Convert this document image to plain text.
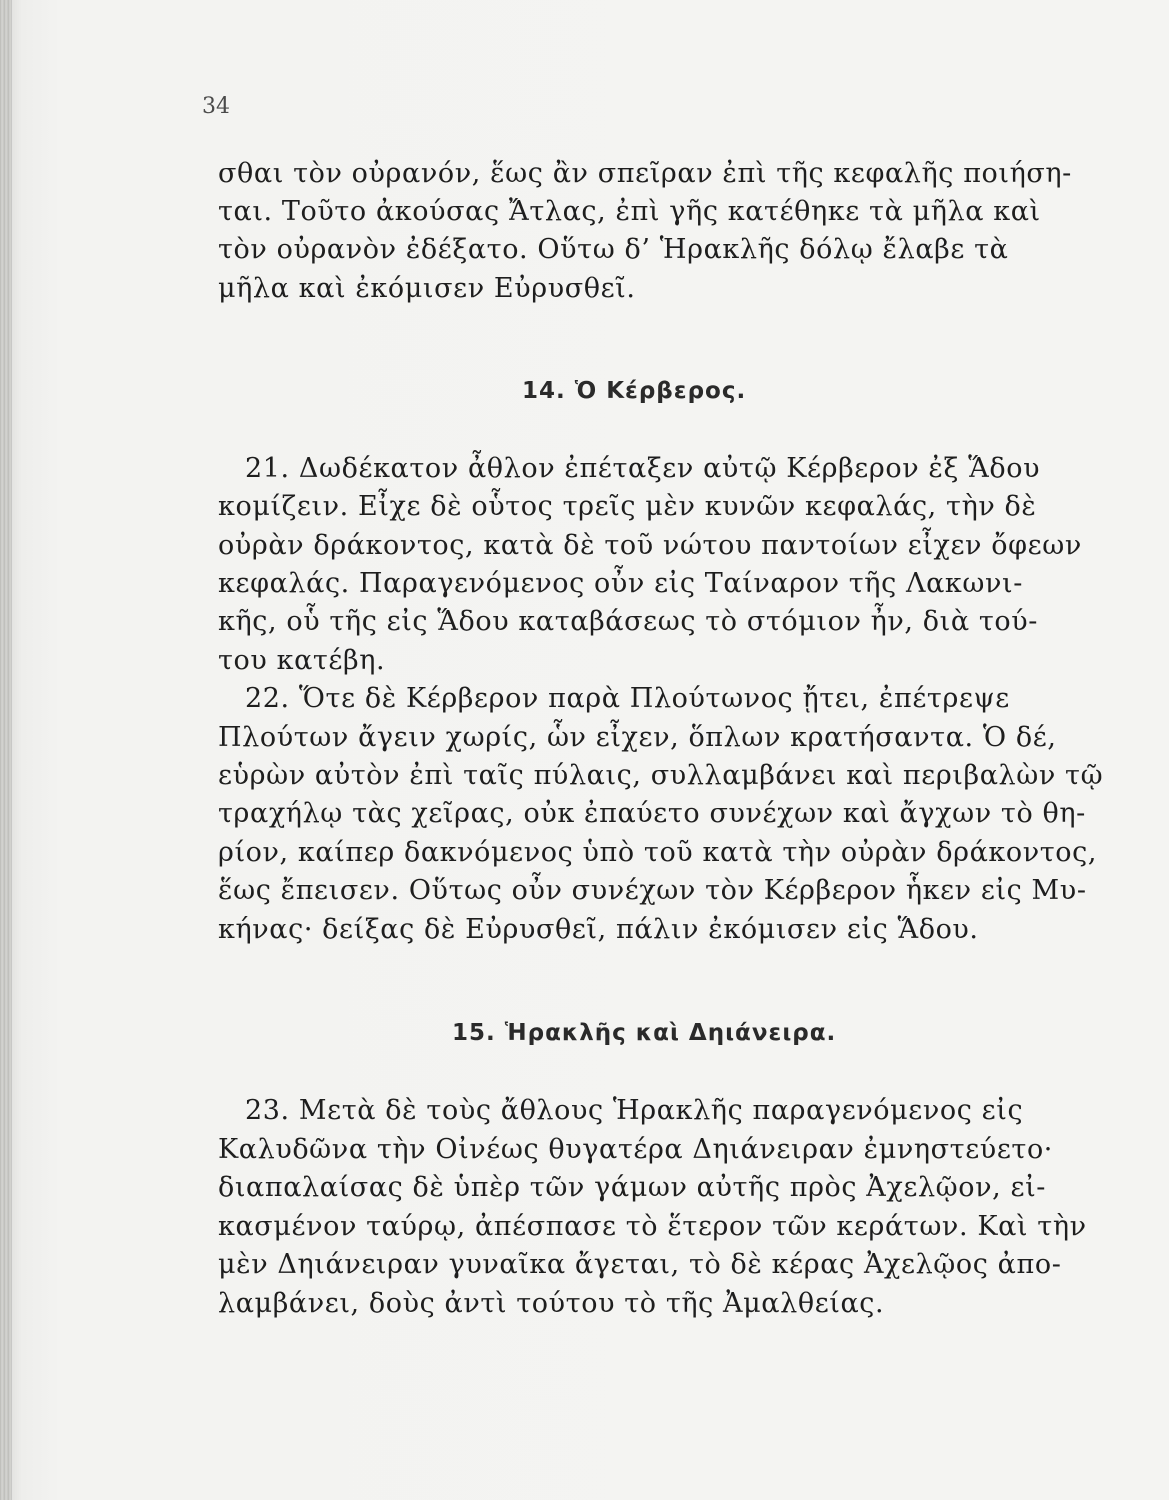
34
σθαι τὸν οὐρανόν, ἕως ἂν σπεῖραν ἐπὶ τῆς κεφαλῆς ποιήση-
ται. Τοῦτο ἀκούσας Ἄτλας, ἐπὶ γῆς κατέθηκε τὰ μῆλα καὶ
τὸν οὐρανὸν ἐδέξατο. Οὕτω δ’ Ἡρακλῆς δόλῳ ἔλαβε τὰ
μῆλα καὶ ἐκόμισεν Εὐρυσθεῖ.
14. Ὁ Κέρβερος.
21. Δωδέκατον ἆθλον ἐπέταξεν αὐτῷ Κέρβερον ἐξ Ἅδου
κομίζειν. Εἶχε δὲ οὗτος τρεῖς μὲν κυνῶν κεφαλάς, τὴν δὲ
οὐρὰν δράκοντος, κατὰ δὲ τοῦ νώτου παντοίων εἶχεν ὄφεων
κεφαλάς. Παραγενόμενος οὖν εἰς Ταίναρον τῆς Λακωνι-
κῆς, οὗ τῆς εἰς Ἅδου καταβάσεως τὸ στόμιον ἦν, διὰ τού-
του κατέβη.
22. Ὅτε δὲ Κέρβερον παρὰ Πλούτωνος ᾔτει, ἐπέτρεψε
Πλούτων ἄγειν χωρίς, ὧν εἶχεν, ὅπλων κρατήσαντα. Ὁ δέ,
εὑρὼν αὐτὸν ἐπὶ ταῖς πύλαις, συλλαμβάνει καὶ περιβαλὼν τῷ
τραχήλῳ τὰς χεῖρας, οὐκ ἐπαύετο συνέχων καὶ ἄγχων τὸ θη-
ρίον, καίπερ δακνόμενος ὑπὸ τοῦ κατὰ τὴν οὐρὰν δράκοντος,
ἕως ἔπεισεν. Οὕτως οὖν συνέχων τὸν Κέρβερον ἧκεν εἰς Μυ-
κήνας· δείξας δὲ Εὐρυσθεῖ, πάλιν ἐκόμισεν εἰς Ἅδου.
15. Ἡρακλῆς καὶ Δηιάνειρα.
23. Μετὰ δὲ τοὺς ἄθλους Ἡρακλῆς παραγενόμενος εἰς
Καλυδῶνα τὴν Οἰνέως θυγατέρα Δηιάνειραν ἐμνηστεύετο·
διαπαλαίσας δὲ ὑπὲρ τῶν γάμων αὐτῆς πρὸς Ἀχελῷον, εἰ-
κασμένον ταύρῳ, ἀπέσπασε τὸ ἕτερον τῶν κεράτων. Καὶ τὴν
μὲν Δηιάνειραν γυναῖκα ἄγεται, τὸ δὲ κέρας Ἀχελῷος ἀπο-
λαμβάνει, δοὺς ἀντὶ τούτου τὸ τῆς Ἀμαλθείας.
